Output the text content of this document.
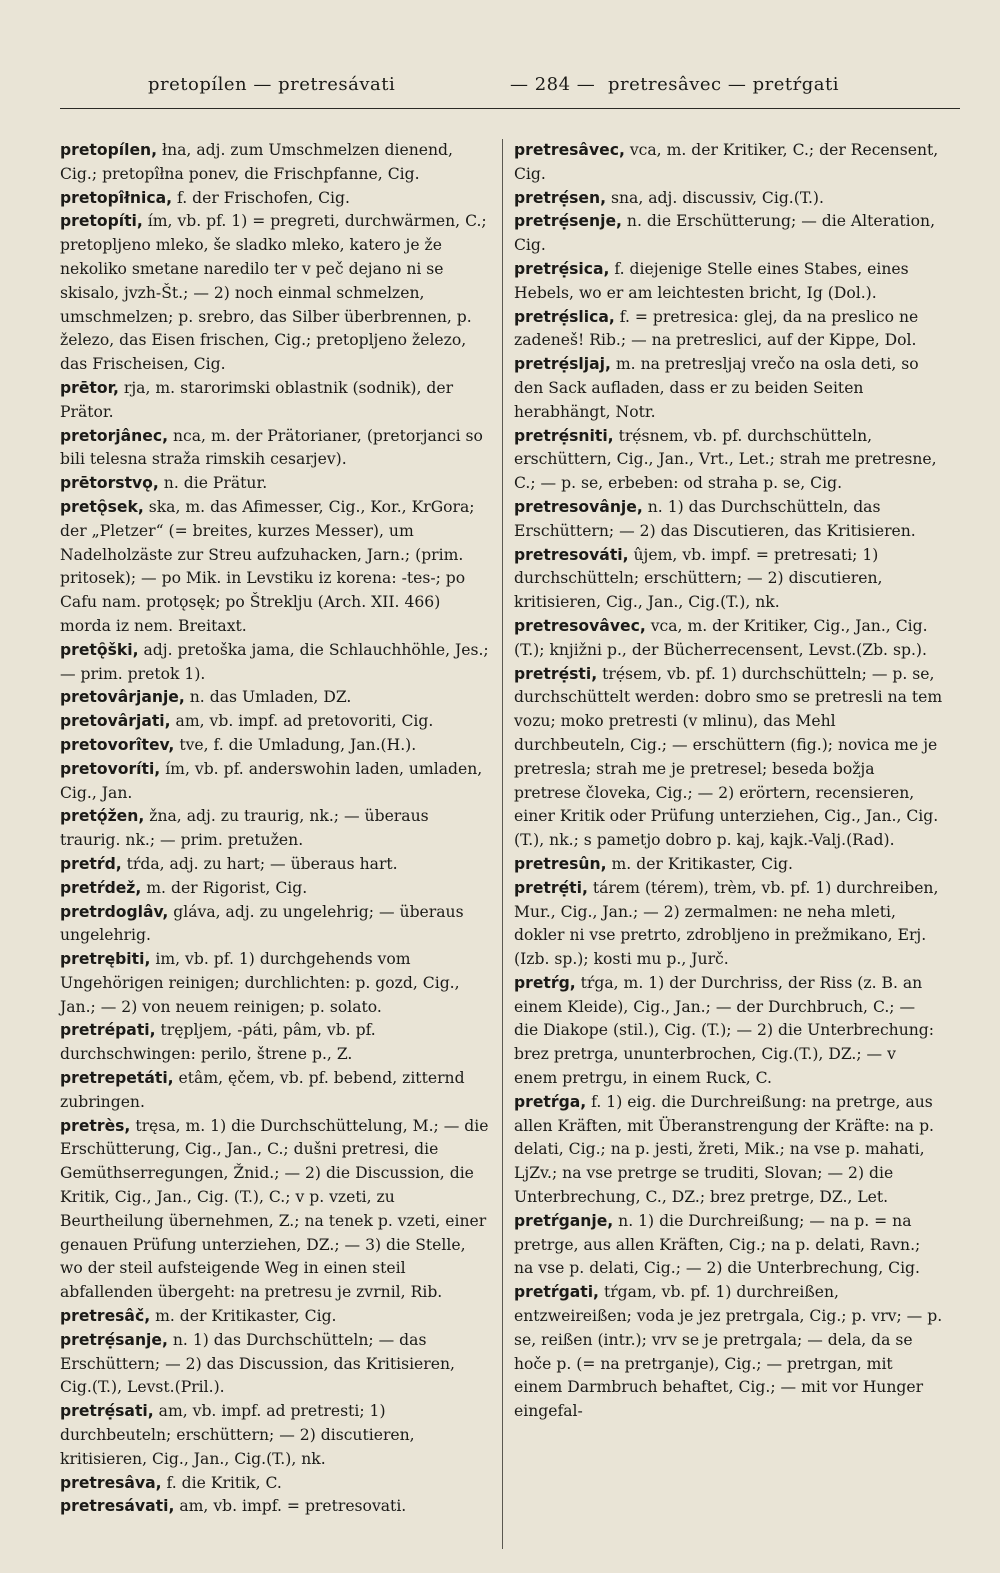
pretopílen — pretresávati	— 284 — pretresâvec — pretŕgati

pretopílen, łna, adj. zum Umschmelzen dienend, Cig.; pretopîłna ponev, die Frischpfanne, Cig.

pretopîłnica, f. der Frischofen, Cig.

pretopíti, ím, vb. pf. 1) = pregreti, durchwärmen, C.; pretopljeno mleko, še sladko mleko, katero je že nekoliko smetane naredilo ter v peč dejano ni se skisalo, jvzh-Št.; — 2) noch einmal schmelzen, umschmelzen; p. srebro, das Silber überbrennen, p. železo, das Eisen frischen, Cig.; pretopljeno železo, das Frischeisen, Cig.

prētor, rja, m. starorimski oblastnik (sodnik), der Prätor.

pretorjânec, nca, m. der Prätorianer, (pretorjanci so bili telesna straža rimskih cesarjev).

prētorstvǫ, n. die Prätur.

pretǫ̑sek, ska, m. das Afimesser, Cig., Kor., KrGora; der „Pletzer“ (= breites, kurzes Messer), um Nadelholzäste zur Streu aufzuhacken, Jarn.; (prim. pritosek); — po Mik. in Levstiku iz korena: -tes-; po Cafu nam. protǫsęk; po Štreklju (Arch. XII. 466) morda iz nem. Breitaxt.

pretǫ̑ški, adj. pretoška jama, die Schlauchhöhle, Jes.; — prim. pretok 1).

pretovârjanje, n. das Umladen, DZ.

pretovârjati, am, vb. impf. ad pretovoriti, Cig.

pretovorîtev, tve, f. die Umladung, Jan.(H.).

pretovoríti, ím, vb. pf. anderswohin laden, umladen, Cig., Jan.

pretǫ́žen, žna, adj. zu traurig, nk.; — überaus traurig. nk.; — prim. pretužen.

pretŕd, tŕda, adj. zu hart; — überaus hart.

pretŕdež, m. der Rigorist, Cig.

pretrdoglâv, gláva, adj. zu ungelehrig; — überaus ungelehrig.

pretrębiti, im, vb. pf. 1) durchgehends vom Ungehörigen reinigen; durchlichten: p. gozd, Cig., Jan.; — 2) von neuem reinigen; p. solato.

pretrépati, trępljem, -páti, pâm, vb. pf. durchschwingen: perilo, štrene p., Z.

pretrepetáti, etâm, ęčem, vb. pf. bebend, zitternd zubringen.

pretrès, tręsa, m. 1) die Durchschüttelung, M.; — die Erschütterung, Cig., Jan., C.; dušni pretresi, die Gemüthserregungen, Žnid.; — 2) die Discussion, die Kritik, Cig., Jan., Cig. (T.), C.; v p. vzeti, zu Beurtheilung übernehmen, Z.; na tenek p. vzeti, einer genauen Prüfung unterziehen, DZ.; — 3) die Stelle, wo der steil aufsteigende Weg in einen steil abfallenden übergeht: na pretresu je zvrnil, Rib.

pretresâč, m. der Kritikaster, Cig.

pretrẹ́sanje, n. 1) das Durchschütteln; — das Erschüttern; — 2) das Discussion, das Kritisieren, Cig.(T.), Levst.(Pril.).

pretrẹ́sati, am, vb. impf. ad pretresti; 1) durchbeuteln; erschüttern; — 2) discutieren, kritisieren, Cig., Jan., Cig.(T.), nk.

pretresâva, f. die Kritik, C.

pretresávati, am, vb. impf. = pretresovati.

pretresâvec, vca, m. der Kritiker, C.; der Recensent, Cig.

pretrẹ́sen, sna, adj. discussiv, Cig.(T.).

pretrẹ́senje, n. die Erschütterung; — die Alteration, Cig.

pretrẹ́sica, f. diejenige Stelle eines Stabes, eines Hebels, wo er am leichtesten bricht, Ig (Dol.).

pretrẹ́slica, f. = pretresica: glej, da na preslico ne zadeneš! Rib.; — na pretreslici, auf der Kippe, Dol.

pretrẹ́sljaj, m. na pretresljaj vrečo na osla deti, so den Sack aufladen, dass er zu beiden Seiten herabhängt, Notr.

pretrẹ́sniti, trẹ́snem, vb. pf. durchschütteln, erschüttern, Cig., Jan., Vrt., Let.; strah me pretresne, C.; — p. se, erbeben: od straha p. se, Cig.

pretresovânje, n. 1) das Durchschütteln, das Erschüttern; — 2) das Discutieren, das Kritisieren.

pretresováti, ûjem, vb. impf. = pretresati; 1) durchschütteln; erschüttern; — 2) discutieren, kritisieren, Cig., Jan., Cig.(T.), nk.

pretresovâvec, vca, m. der Kritiker, Cig., Jan., Cig.(T.); knjižni p., der Bücherrecensent, Levst.(Zb. sp.).

pretrẹ́sti, trẹ́sem, vb. pf. 1) durchschütteln; — p. se, durchschüttelt werden: dobro smo se pretresli na tem vozu; moko pretresti (v mlinu), das Mehl durchbeuteln, Cig.; — erschüttern (fig.); novica me je pretresla; strah me je pretresel; beseda božja pretrese človeka, Cig.; — 2) erörtern, recensieren, einer Kritik oder Prüfung unterziehen, Cig., Jan., Cig. (T.), nk.; s pametjo dobro p. kaj, kajk.-Valj.(Rad).

pretresûn, m. der Kritikaster, Cig.

pretrẹ́ti, tárem (térem), trèm, vb. pf. 1) durchreiben, Mur., Cig., Jan.; — 2) zermalmen: ne neha mleti, dokler ni vse pretrto, zdrobljeno in prežmikano, Erj.(Izb. sp.); kosti mu p., Jurč.

pretŕg, tŕga, m. 1) der Durchriss, der Riss (z. B. an einem Kleide), Cig., Jan.; — der Durchbruch, C.; — die Diakope (stil.), Cig. (T.); — 2) die Unterbrechung: brez pretrga, ununterbrochen, Cig.(T.), DZ.; — v enem pretrgu, in einem Ruck, C.

pretŕga, f. 1) eig. die Durchreißung: na pretrge, aus allen Kräften, mit Überanstrengung der Kräfte: na p. delati, Cig.; na p. jesti, žreti, Mik.; na vse p. mahati, LjZv.; na vse pretrge se truditi, Slovan; — 2) die Unterbrechung, C., DZ.; brez pretrge, DZ., Let.

pretŕganje, n. 1) die Durchreißung; — na p. = na pretrge, aus allen Kräften, Cig.; na p. delati, Ravn.; na vse p. delati, Cig.; — 2) die Unterbrechung, Cig.

pretŕgati, tŕgam, vb. pf. 1) durchreißen, entzweireißen; voda je jez pretrgala, Cig.; p. vrv; — p. se, reißen (intr.); vrv se je pretrgala; — dela, da se hoče p. (= na pretrganje), Cig.; — pretrgan, mit einem Darmbruch behaftet, Cig.; — mit vor Hunger eingefal-
